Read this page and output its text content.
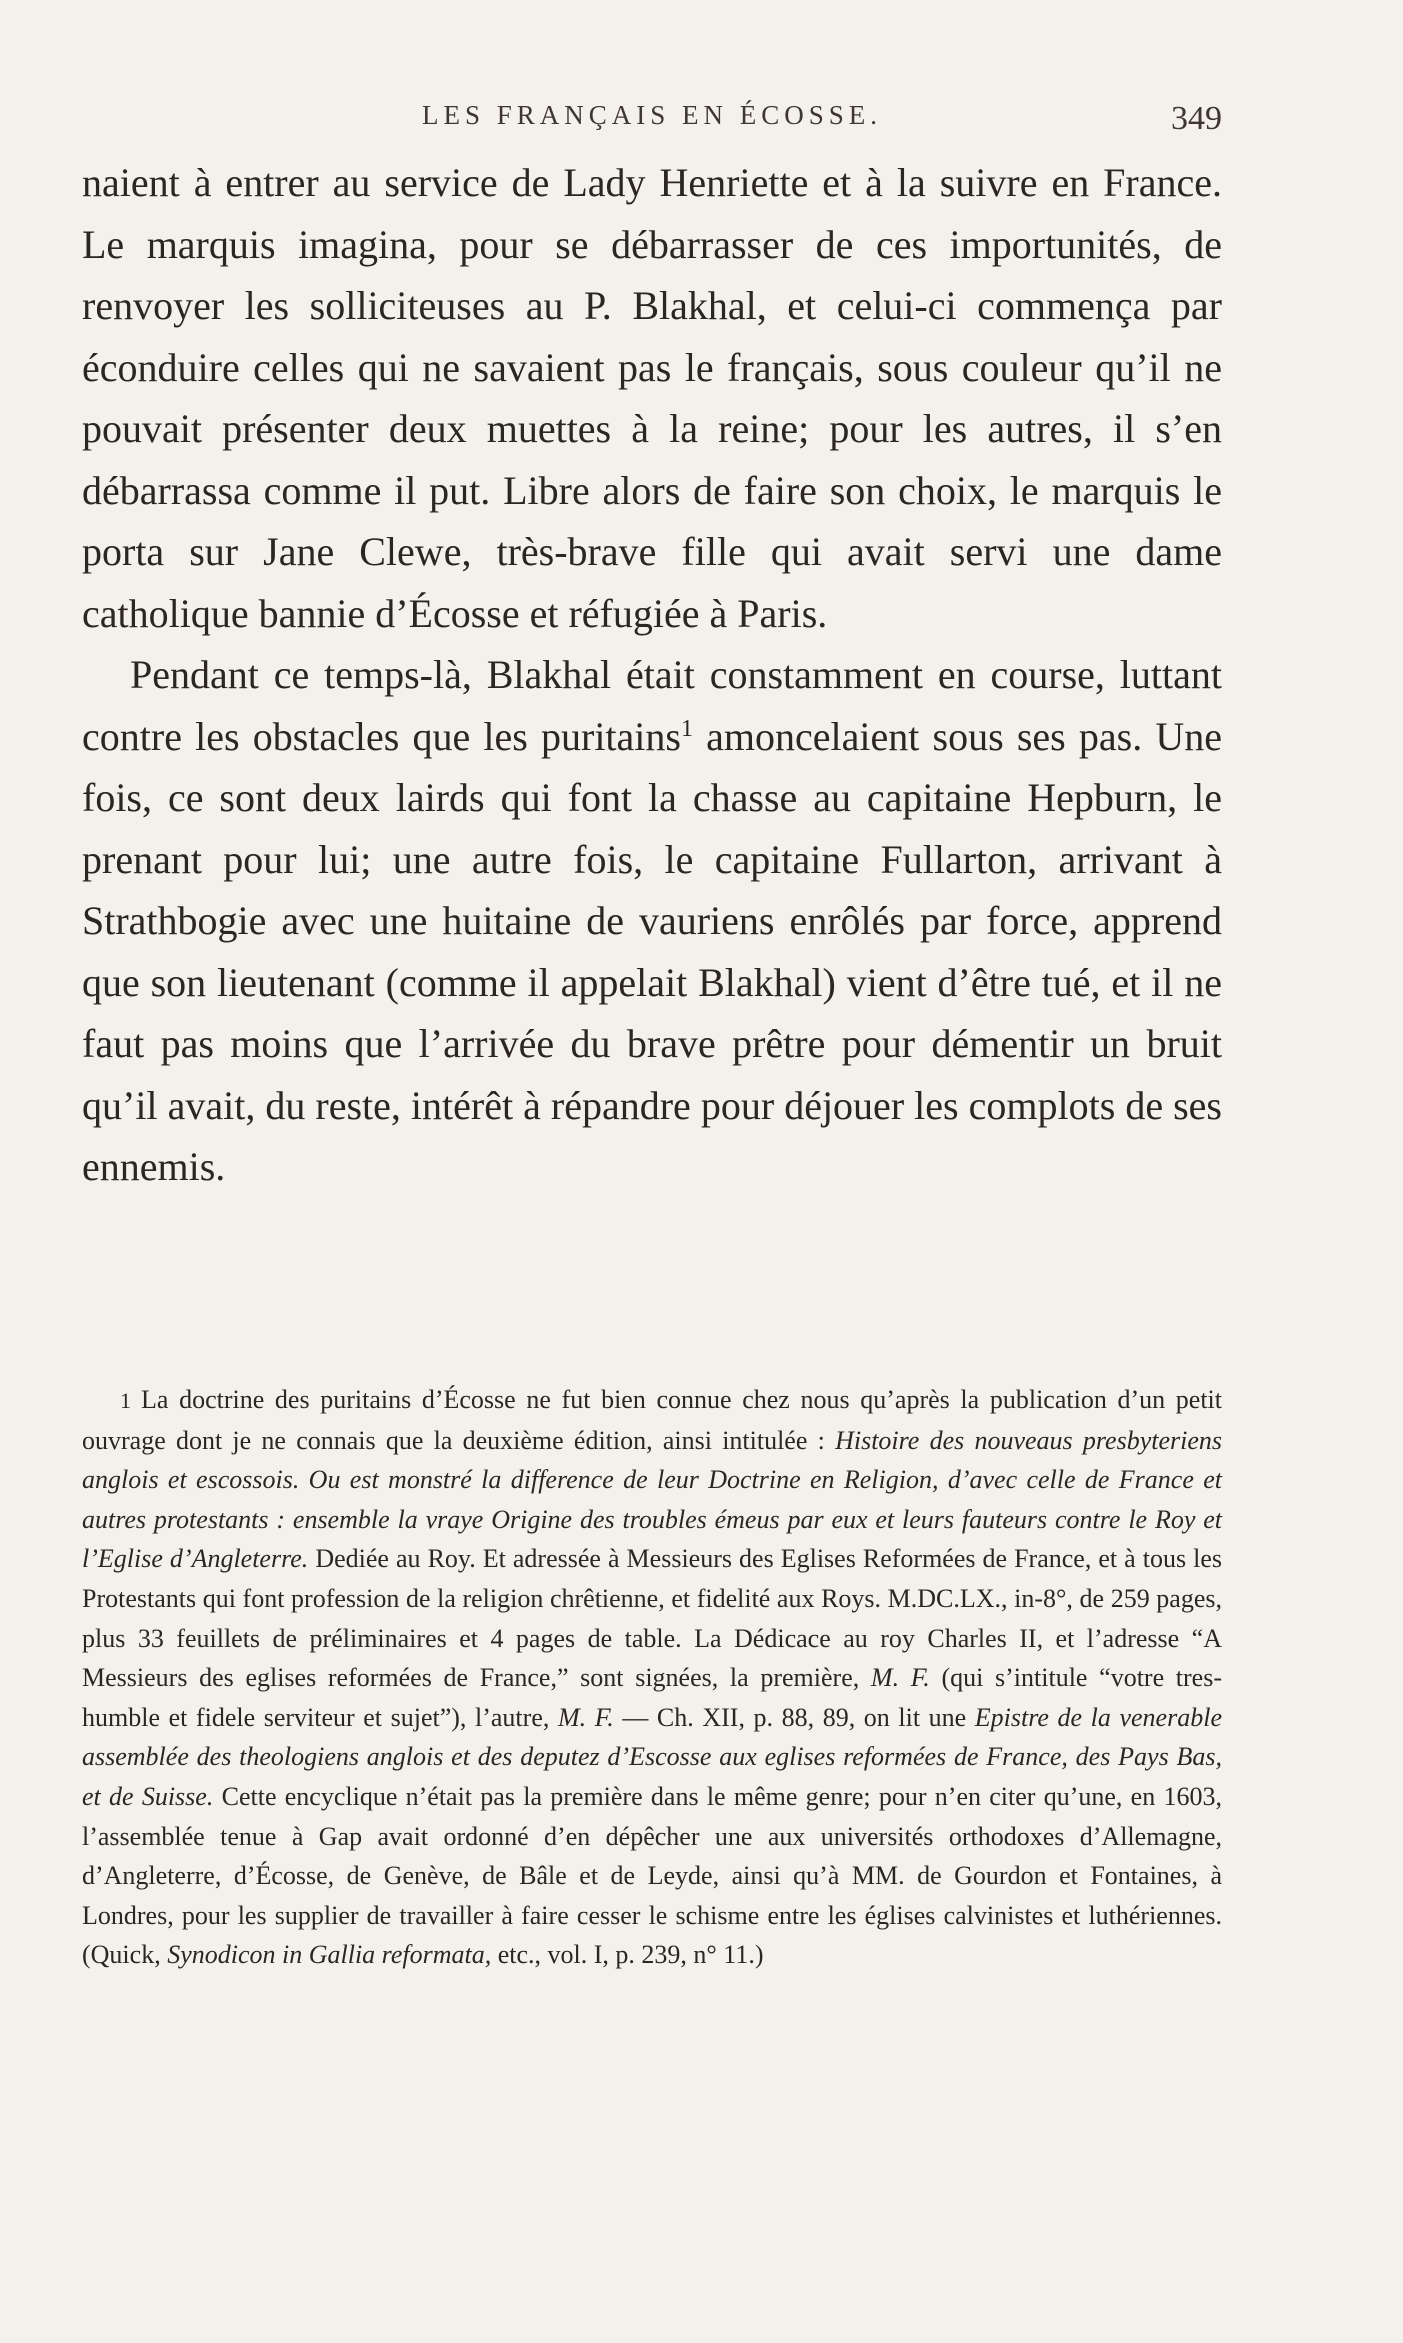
LES FRANÇAIS EN ÉCOSSE.	349

naient à entrer au service de Lady Henriette et à la suivre en France. Le marquis imagina, pour se débarrasser de ces importunités, de renvoyer les solliciteuses au P. Blakhal, et celui-ci commença par éconduire celles qui ne savaient pas le français, sous couleur qu’il ne pouvait présenter deux muettes à la reine; pour les autres, il s’en débarrassa comme il put. Libre alors de faire son choix, le marquis le porta sur Jane Clewe, très-brave fille qui avait servi une dame catholique bannie d’Écosse et réfugiée à Paris.

Pendant ce temps-là, Blakhal était constamment en course, luttant contre les obstacles que les puritains$^1$ amoncelaient sous ses pas. Une fois, ce sont deux lairds qui font la chasse au capitaine Hepburn, le prenant pour lui; une autre fois, le capitaine Fullarton, arrivant à Strathbogie avec une huitaine de vauriens enrôlés par force, apprend que son lieutenant (comme il appelait Blakhal) vient d’être tué, et il ne faut pas moins que l’arrivée du brave prêtre pour démentir un bruit qu’il avait, du reste, intérêt à répandre pour déjouer les complots de ses ennemis.

1 La doctrine des puritains d’Écosse ne fut bien connue chez nous qu’après la publication d’un petit ouvrage dont je ne connais que la deuxième édition, ainsi intitulée : Histoire des nouveaus presbyteriens anglois et escossois. Ou est monstré la difference de leur Doctrine en Religion, d’avec celle de France et autres protestants : ensemble la vraye Origine des troubles émeus par eux et leurs fauteurs contre le Roy et l’Eglise d’Angleterre. Dediée au Roy. Et adressée à Messieurs des Eglises Reformées de France, et à tous les Protestants qui font profession de la religion chrêtienne, et fidelité aux Roys. M.DC.LX., in-8°, de 259 pages, plus 33 feuillets de préliminaires et 4 pages de table. La Dédicace au roy Charles II, et l’adresse “A Messieurs des eglises reformées de France,” sont signées, la première, M. F. (qui s’intitule “votre tres-humble et fidele serviteur et sujet”), l’autre, M. F. — Ch. XII, p. 88, 89, on lit une Epistre de la venerable assemblée des theologiens anglois et des deputez d’Escosse aux eglises reformées de France, des Pays Bas, et de Suisse. Cette encyclique n’était pas la première dans le même genre; pour n’en citer qu’une, en 1603, l’assemblée tenue à Gap avait ordonné d’en dépêcher une aux universités orthodoxes d’Allemagne, d’Angleterre, d’Écosse, de Genève, de Bâle et de Leyde, ainsi qu’à MM. de Gourdon et Fontaines, à Londres, pour les supplier de travailler à faire cesser le schisme entre les églises calvinistes et luthériennes. (Quick, Synodicon in Gallia reformata, etc., vol. I, p. 239, n° 11.)
